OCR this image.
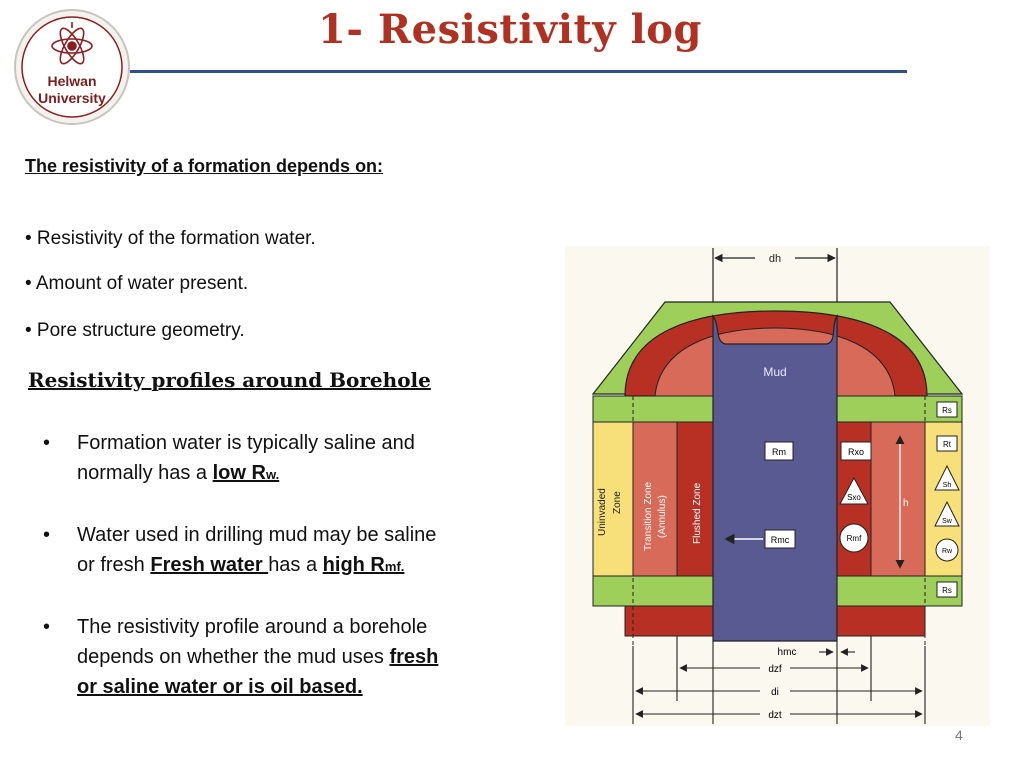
Helwan
University
1- Resistivity log
The resistivity of a formation depends on:
• Resistivity of the formation water.
• Amount of water present.
• Pore structure geometry.
Resistivity profiles around Borehole
• Formation water is typically saline and
normally has a low Rw.
• Water used in drilling mud may be saline
or fresh Fresh water has a high Rmf.
• The resistivity profile around a borehole
depends on whether the mud uses fresh
or saline water or is oil based.
dh
Mud
Uninvaded Zone Transition Zone (Annulus) Flushed Zone
Rm
Rmc
Rxo
Sxo
Rmf
h
Rs
Rt
Sh
Sw
Rw
Rs
hmc
dzf
di
dzt
4
